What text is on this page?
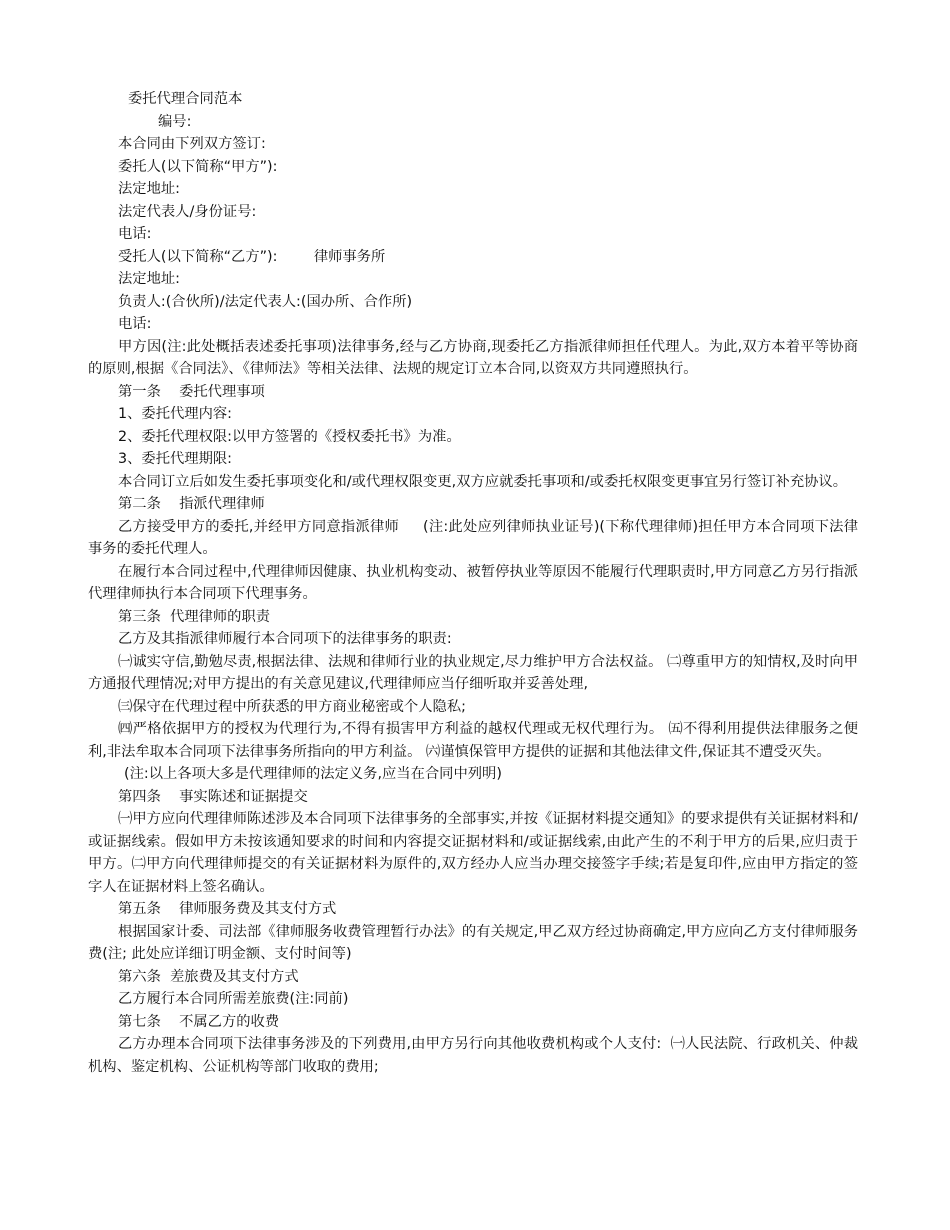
委托代理合同范本

编号:

本合同由下列双方签订:

委托人(以下简称“甲方”):

法定地址:

法定代表人/身份证号:

电话:

受托人(以下简称“乙方”):        律师事务所

法定地址:

负责人:(合伙所)/法定代表人:(国办所、合作所)

电话:

甲方因(注:此处概括表述委托事项)法律事务,经与乙方协商,现委托乙方指派律师担任代理人。为此,双方本着平等协商的原则,根据《合同法》、《律师法》等相关法律、法规的规定订立本合同,以资双方共同遵照执行。

第一条    委托代理事项

1、委托代理内容:

2、委托代理权限:以甲方签署的《授权委托书》为准。

3、委托代理期限:

本合同订立后如发生委托事项变化和/或代理权限变更,双方应就委托事项和/或委托权限变更事宜另行签订补充协议。

第二条    指派代理律师

乙方接受甲方的委托,并经甲方同意指派律师     (注:此处应列律师执业证号)(下称代理律师)担任甲方本合同项下法律事务的委托代理人。

在履行本合同过程中,代理律师因健康、执业机构变动、被暂停执业等原因不能履行代理职责时,甲方同意乙方另行指派代理律师执行本合同项下代理事务。

第三条  代理律师的职责

乙方及其指派律师履行本合同项下的法律事务的职责:

㈠诚实守信,勤勉尽责,根据法律、法规和律师行业的执业规定,尽力维护甲方合法权益。 ㈡尊重甲方的知情权,及时向甲方通报代理情况;对甲方提出的有关意见建议,代理律师应当仔细听取并妥善处理,

㈢保守在代理过程中所获悉的甲方商业秘密或个人隐私;

㈣严格依据甲方的授权为代理行为,不得有损害甲方利益的越权代理或无权代理行为。 ㈤不得利用提供法律服务之便利,非法牟取本合同项下法律事务所指向的甲方利益。 ㈥谨慎保管甲方提供的证据和其他法律文件,保证其不遭受灭失。

(注:以上各项大多是代理律师的法定义务,应当在合同中列明)

第四条    事实陈述和证据提交

㈠甲方应向代理律师陈述涉及本合同项下法律事务的全部事实,并按《证据材料提交通知》的要求提供有关证据材料和/或证据线索。假如甲方未按该通知要求的时间和内容提交证据材料和/或证据线索,由此产生的不利于甲方的后果,应归责于甲方。㈡甲方向代理律师提交的有关证据材料为原件的,双方经办人应当办理交接签字手续;若是复印件,应由甲方指定的签字人在证据材料上签名确认。

第五条    律师服务费及其支付方式

根据国家计委、司法部《律师服务收费管理暂行办法》的有关规定,甲乙双方经过协商确定,甲方应向乙方支付律师服务费(注; 此处应详细订明金额、支付时间等)

第六条  差旅费及其支付方式

乙方履行本合同所需差旅费(注:同前)

第七条    不属乙方的收费

乙方办理本合同项下法律事务涉及的下列费用,由甲方另行向其他收费机构或个人支付:  ㈠人民法院、行政机关、仲裁机构、鉴定机构、公证机构等部门收取的费用;
